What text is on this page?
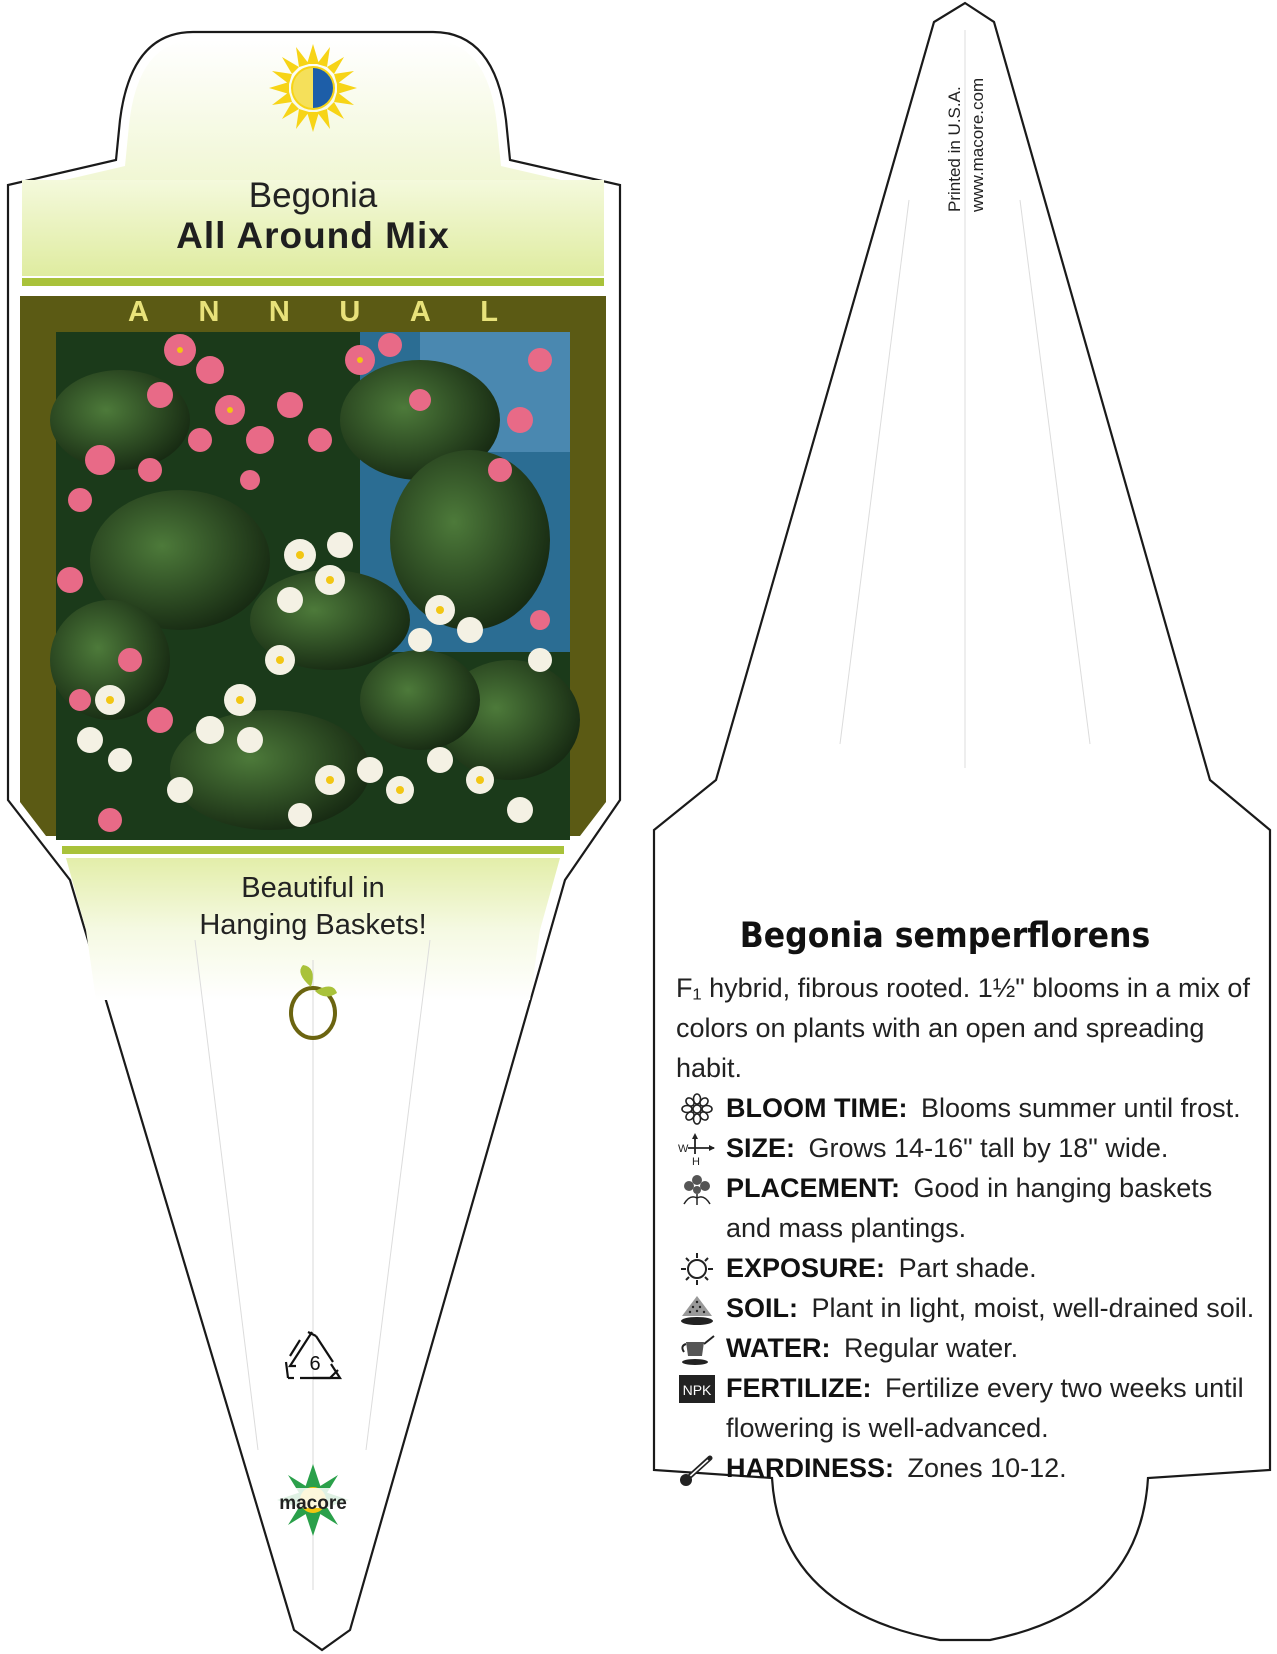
Begonia
All Around Mix
A N N U A L
Beautiful in
Hanging Baskets!
6
macore
Printed in U.S.A. www.macore.com
Begonia semperflorens

F₁ hybrid, fibrous rooted. 1½" blooms in a mix of colors on plants with an open and spreading habit.

BLOOM TIME: Blooms summer until frost.
W
H SIZE: Grows 14-16" tall by 18" wide.
PLACEMENT: Good in hanging baskets and mass plantings.
EXPOSURE: Part shade.
SOIL: Plant in light, moist, well-drained soil.
WATER: Regular water.
NPK FERTILIZE: Fertilize every two weeks until flowering is well-advanced.
HARDINESS: Zones 10-12.
